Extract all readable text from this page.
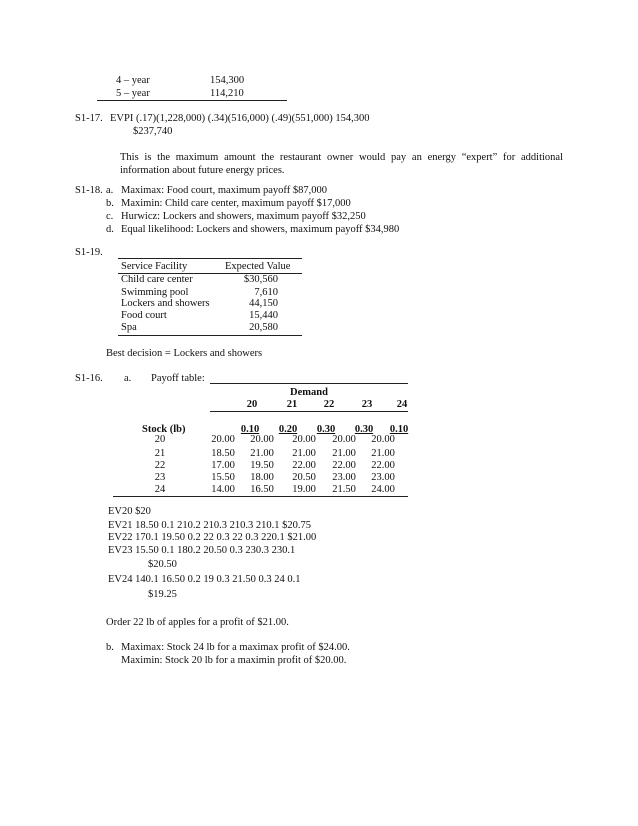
4 – year	154,300
5 – year	114,210
S1-17. EVPI (.17)(1,228,000) (.34)(516,000) (.49)(551,000) 154,300
$237,740
This is the maximum amount the restaurant owner would pay an energy “expert” for additional information about future energy prices.
S1-18. a. Maximax: Food court, maximum payoff $87,000
b. Maximin: Child care center, maximum payoff $17,000
c. Hurwicz: Lockers and showers, maximum payoff $32,250
d. Equal likelihood: Lockers and showers, maximum payoff $34,980
S1-19.
Service Facility	Expected Value
Child care center	$30,560
Swimming pool	7,610
Lockers and showers	44,150
Food court	15,440
Spa	20,580
Best decision = Lockers and showers
S1-16. a. Payoff table:
Demand
20	21	22	23	24
Stock (lb)	0.10	0.20	0.30	0.30	0.10
20	20.00	20.00	20.00	20.00	20.00
21	18.50	21.00	21.00	21.00	21.00
22	17.00	19.50	22.00	22.00	22.00
23	15.50	18.00	20.50	23.00	23.00
24	14.00	16.50	19.00	21.50	24.00
EV20 $20
EV21 18.50 0.1 210.2 210.3 210.3 210.1 $20.75
EV22 170.1 19.50 0.2 22 0.3 22 0.3 220.1 $21.00
EV23 15.50 0.1 180.2 20.50 0.3 230.3 230.1
$20.50
EV24 140.1 16.50 0.2 19 0.3 21.50 0.3 24 0.1
$19.25
Order 22 lb of apples for a profit of $21.00.
b. Maximax: Stock 24 lb for a maximax profit of $24.00.
Maximin: Stock 20 lb for a maximin profit of $20.00.
